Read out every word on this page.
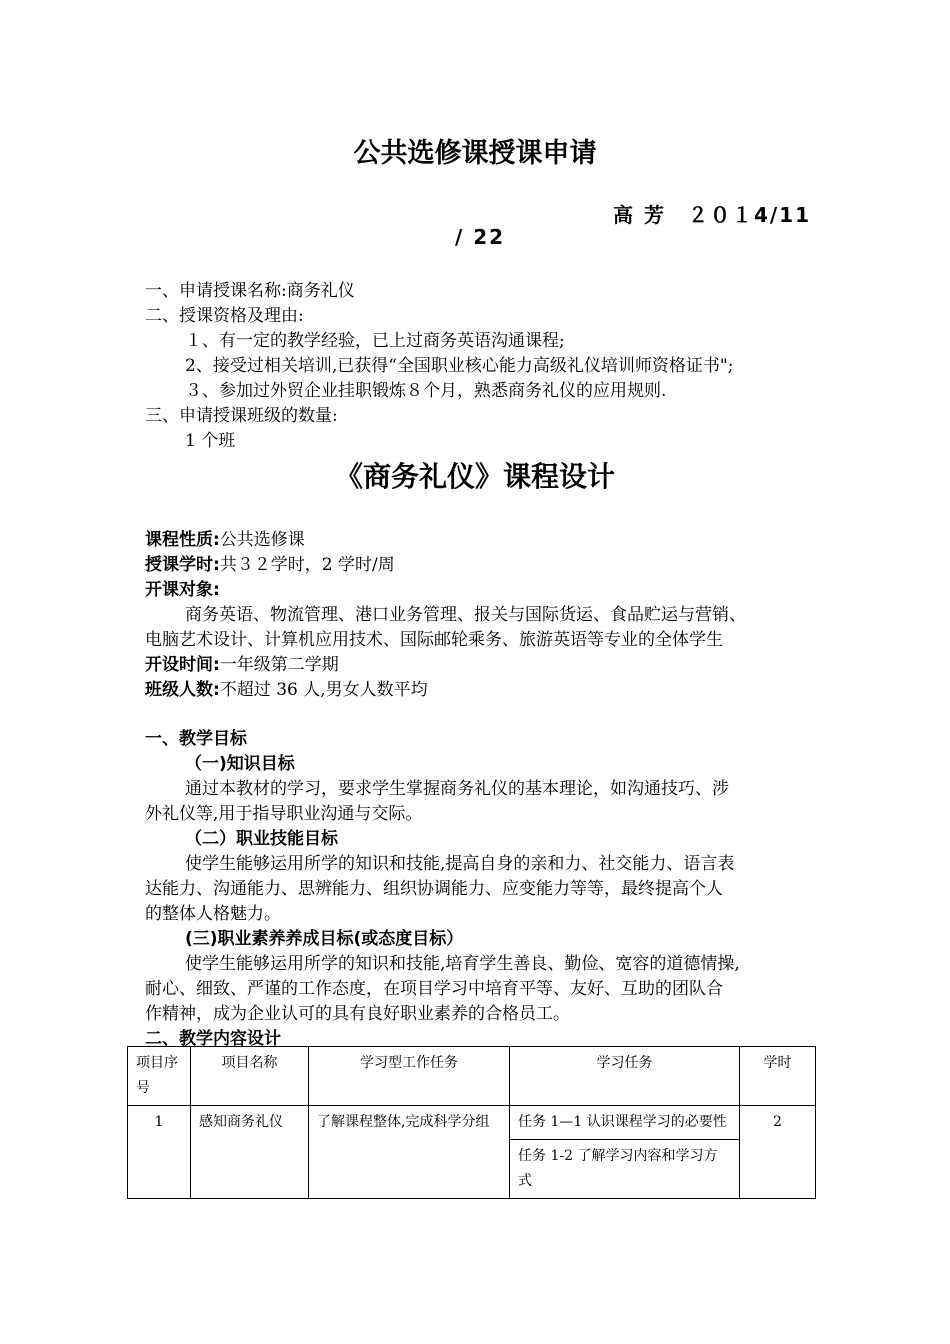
公共选修课授课申请
高 芳　２０１4/11
/ 22
一、申请授课名称:商务礼仪
二、授课资格及理由:
１、有一定的教学经验，已上过商务英语沟通课程;
2、接受过相关培训,已获得“全国职业核心能力高级礼仪培训师资格证书";
３、参加过外贸企业挂职锻炼８个月，熟悉商务礼仪的应用规则.
三、申请授课班级的数量:
1 个班
《商务礼仪》课程设计
课程性质:公共选修课
授课学时:共３２学时，2 学时/周
开课对象:
商务英语、物流管理、港口业务管理、报关与国际货运、食品贮运与营销、
电脑艺术设计、计算机应用技术、国际邮轮乘务、旅游英语等专业的全体学生
开设时间:一年级第二学期
班级人数:不超过 36 人,男女人数平均
一、教学目标
（一)知识目标
通过本教材的学习，要求学生掌握商务礼仪的基本理论，如沟通技巧、涉
外礼仪等,用于指导职业沟通与交际。
（二）职业技能目标
使学生能够运用所学的知识和技能,提高自身的亲和力、社交能力、语言表
达能力、沟通能力、思辨能力、组织协调能力、应变能力等等，最终提高个人
的整体人格魅力。
(三)职业素养养成目标(或态度目标）
使学生能够运用所学的知识和技能,培育学生善良、勤俭、宽容的道德情操,
耐心、细致、严谨的工作态度，在项目学习中培育平等、友好、互助的团队合
作精神，成为企业认可的具有良好职业素养的合格员工。
二、教学内容设计
项目序号	项目名称	学习型工作任务	学习任务	学时
1	感知商务礼仪	了解课程整体,完成科学分组	任务 1—1 认识课程学习的必要性	2
			任务 1-2 了解学习内容和学习方式	
